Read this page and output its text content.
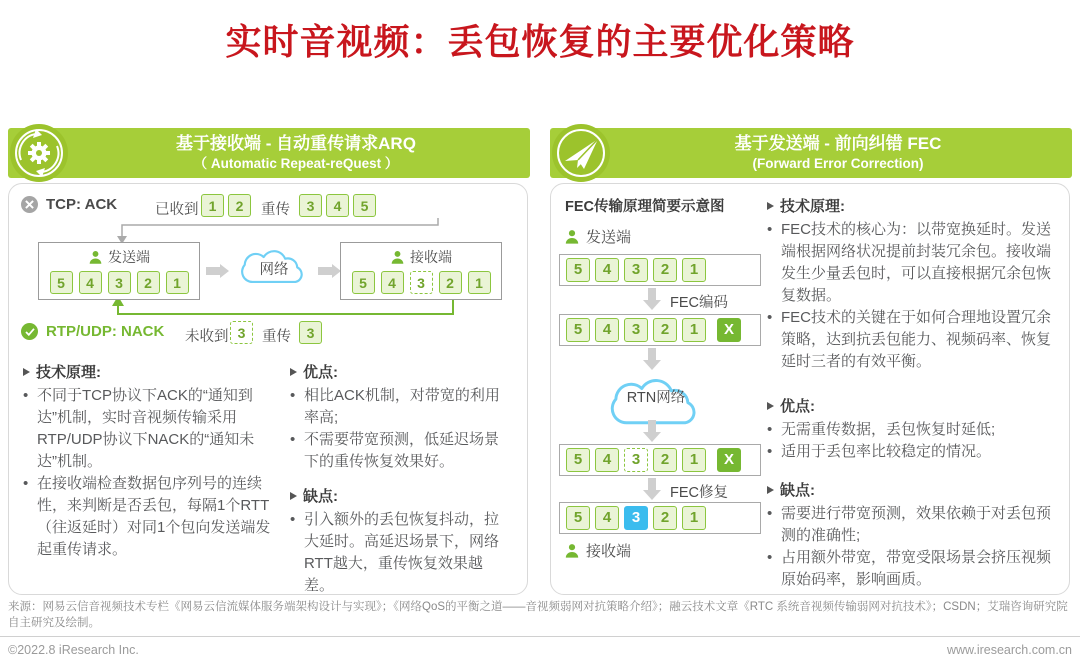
实时音视频：丢包恢复的主要优化策略
基于接收端 - 自动重传请求ARQ
（ Automatic Repeat-reQuest ）
TCP: ACK	已收到 1	2	重传	3	4	5
发送端
5	4	3	2	1
网络
接收端
5	4	3	2	1
RTP/UDP: NACK 未收到 3	重传	3
技术原理:
• 不同于TCP协议下ACK的“通知到达”机制，实时音视频传输采用RTP/UDP协议下NACK的“通知未达”机制。
• 在接收端检查数据包序列号的连续性，来判断是否丢包，每隔1个RTT （往返延时）对同1个包向发送端发起重传请求。
优点:
• 相比ACK机制，对带宽的利用率高;
• 不需要带宽预测，低延迟场景下的重传恢复效果好。
缺点:
• 引入额外的丢包恢复抖动，拉大延时。高延迟场景下，网络RTT越大，重传恢复效果越差。
基于发送端 - 前向纠错 FEC
(Forward Error Correction)
FEC传输原理简要示意图
发送端
5	4	3	2	1
FEC编码
5	4	3	2	1	X
RTN网络
5	4	3	2	1	X
FEC修复
5	4	3	2	1
接收端
技术原理:
• FEC技术的核心为：以带宽换延时。发送端根据网络状况提前封装冗余包。接收端发生少量丢包时，可以直接根据冗余包恢复数据。
• FEC技术的关键在于如何合理地设置冗余策略，达到抗丢包能力、视频码率、恢复延时三者的有效平衡。
优点:
• 无需重传数据，丢包恢复时延低;
• 适用于丢包率比较稳定的情况。
缺点:
• 需要进行带宽预测，效果依赖于对丢包预测的准确性;
• 占用额外带宽，带宽受限场景会挤压视频原始码率，影响画质。
来源：网易云信音视频技术专栏《网易云信流媒体服务端架构设计与实现》；《网络QoS的平衡之道——音视频弱网对抗策略介绍》；融云技术文章《RTC 系统音视频传输弱网对抗技术》；CSDN；艾瑞咨询研究院自主研究及绘制。
©2022.8 iResearch Inc.	www.iresearch.com.cn
